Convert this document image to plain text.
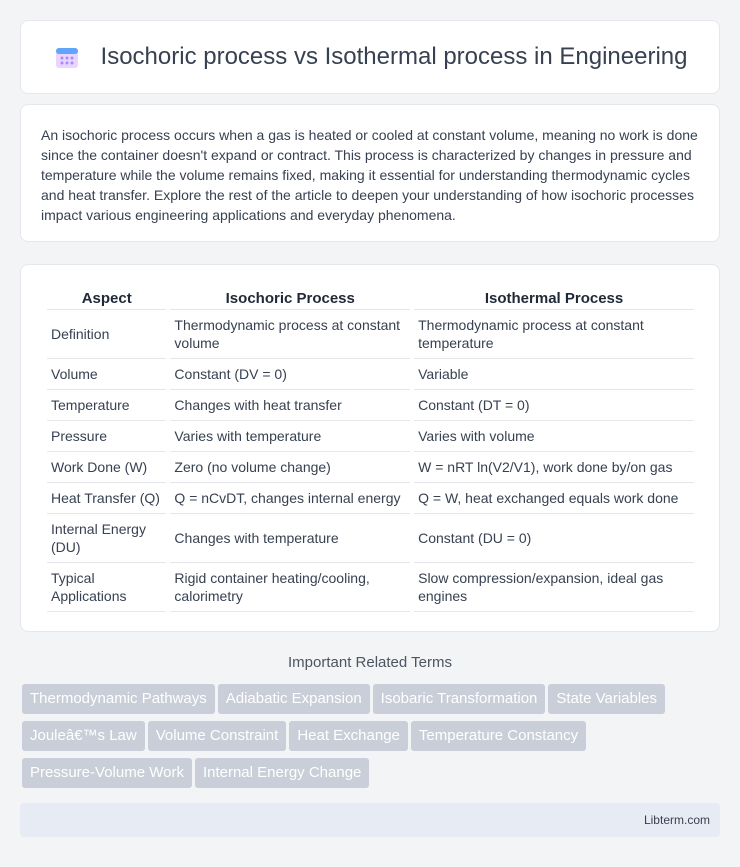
Isochoric process vs Isothermal process in Engineering

An isochoric process occurs when a gas is heated or cooled at constant volume, meaning no work is done since the container doesn't expand or contract. This process is characterized by changes in pressure and temperature while the volume remains fixed, making it essential for understanding thermodynamic cycles and heat transfer. Explore the rest of the article to deepen your understanding of how isochoric processes impact various engineering applications and everyday phenomena.

Aspect	Isochoric Process	Isothermal Process
Definition	Thermodynamic process at constant volume	Thermodynamic process at constant temperature
Volume	Constant (DV = 0)	Variable
Temperature	Changes with heat transfer	Constant (DT = 0)
Pressure	Varies with temperature	Varies with volume
Work Done (W)	Zero (no volume change)	W = nRT ln(V2/V1), work done by/on gas
Heat Transfer (Q)	Q = nCvDT, changes internal energy	Q = W, heat exchanged equals work done
Internal Energy (DU)	Changes with temperature	Constant (DU = 0)
Typical Applications	Rigid container heating/cooling, calorimetry	Slow compression/expansion, ideal gas engines
Important Related Terms
Thermodynamic Pathways Adiabatic Expansion Isobaric Transformation State Variables
Jouleâ€™s Law Volume Constraint Heat Exchange Temperature Constancy
Pressure-Volume Work Internal Energy Change
Libterm.com
